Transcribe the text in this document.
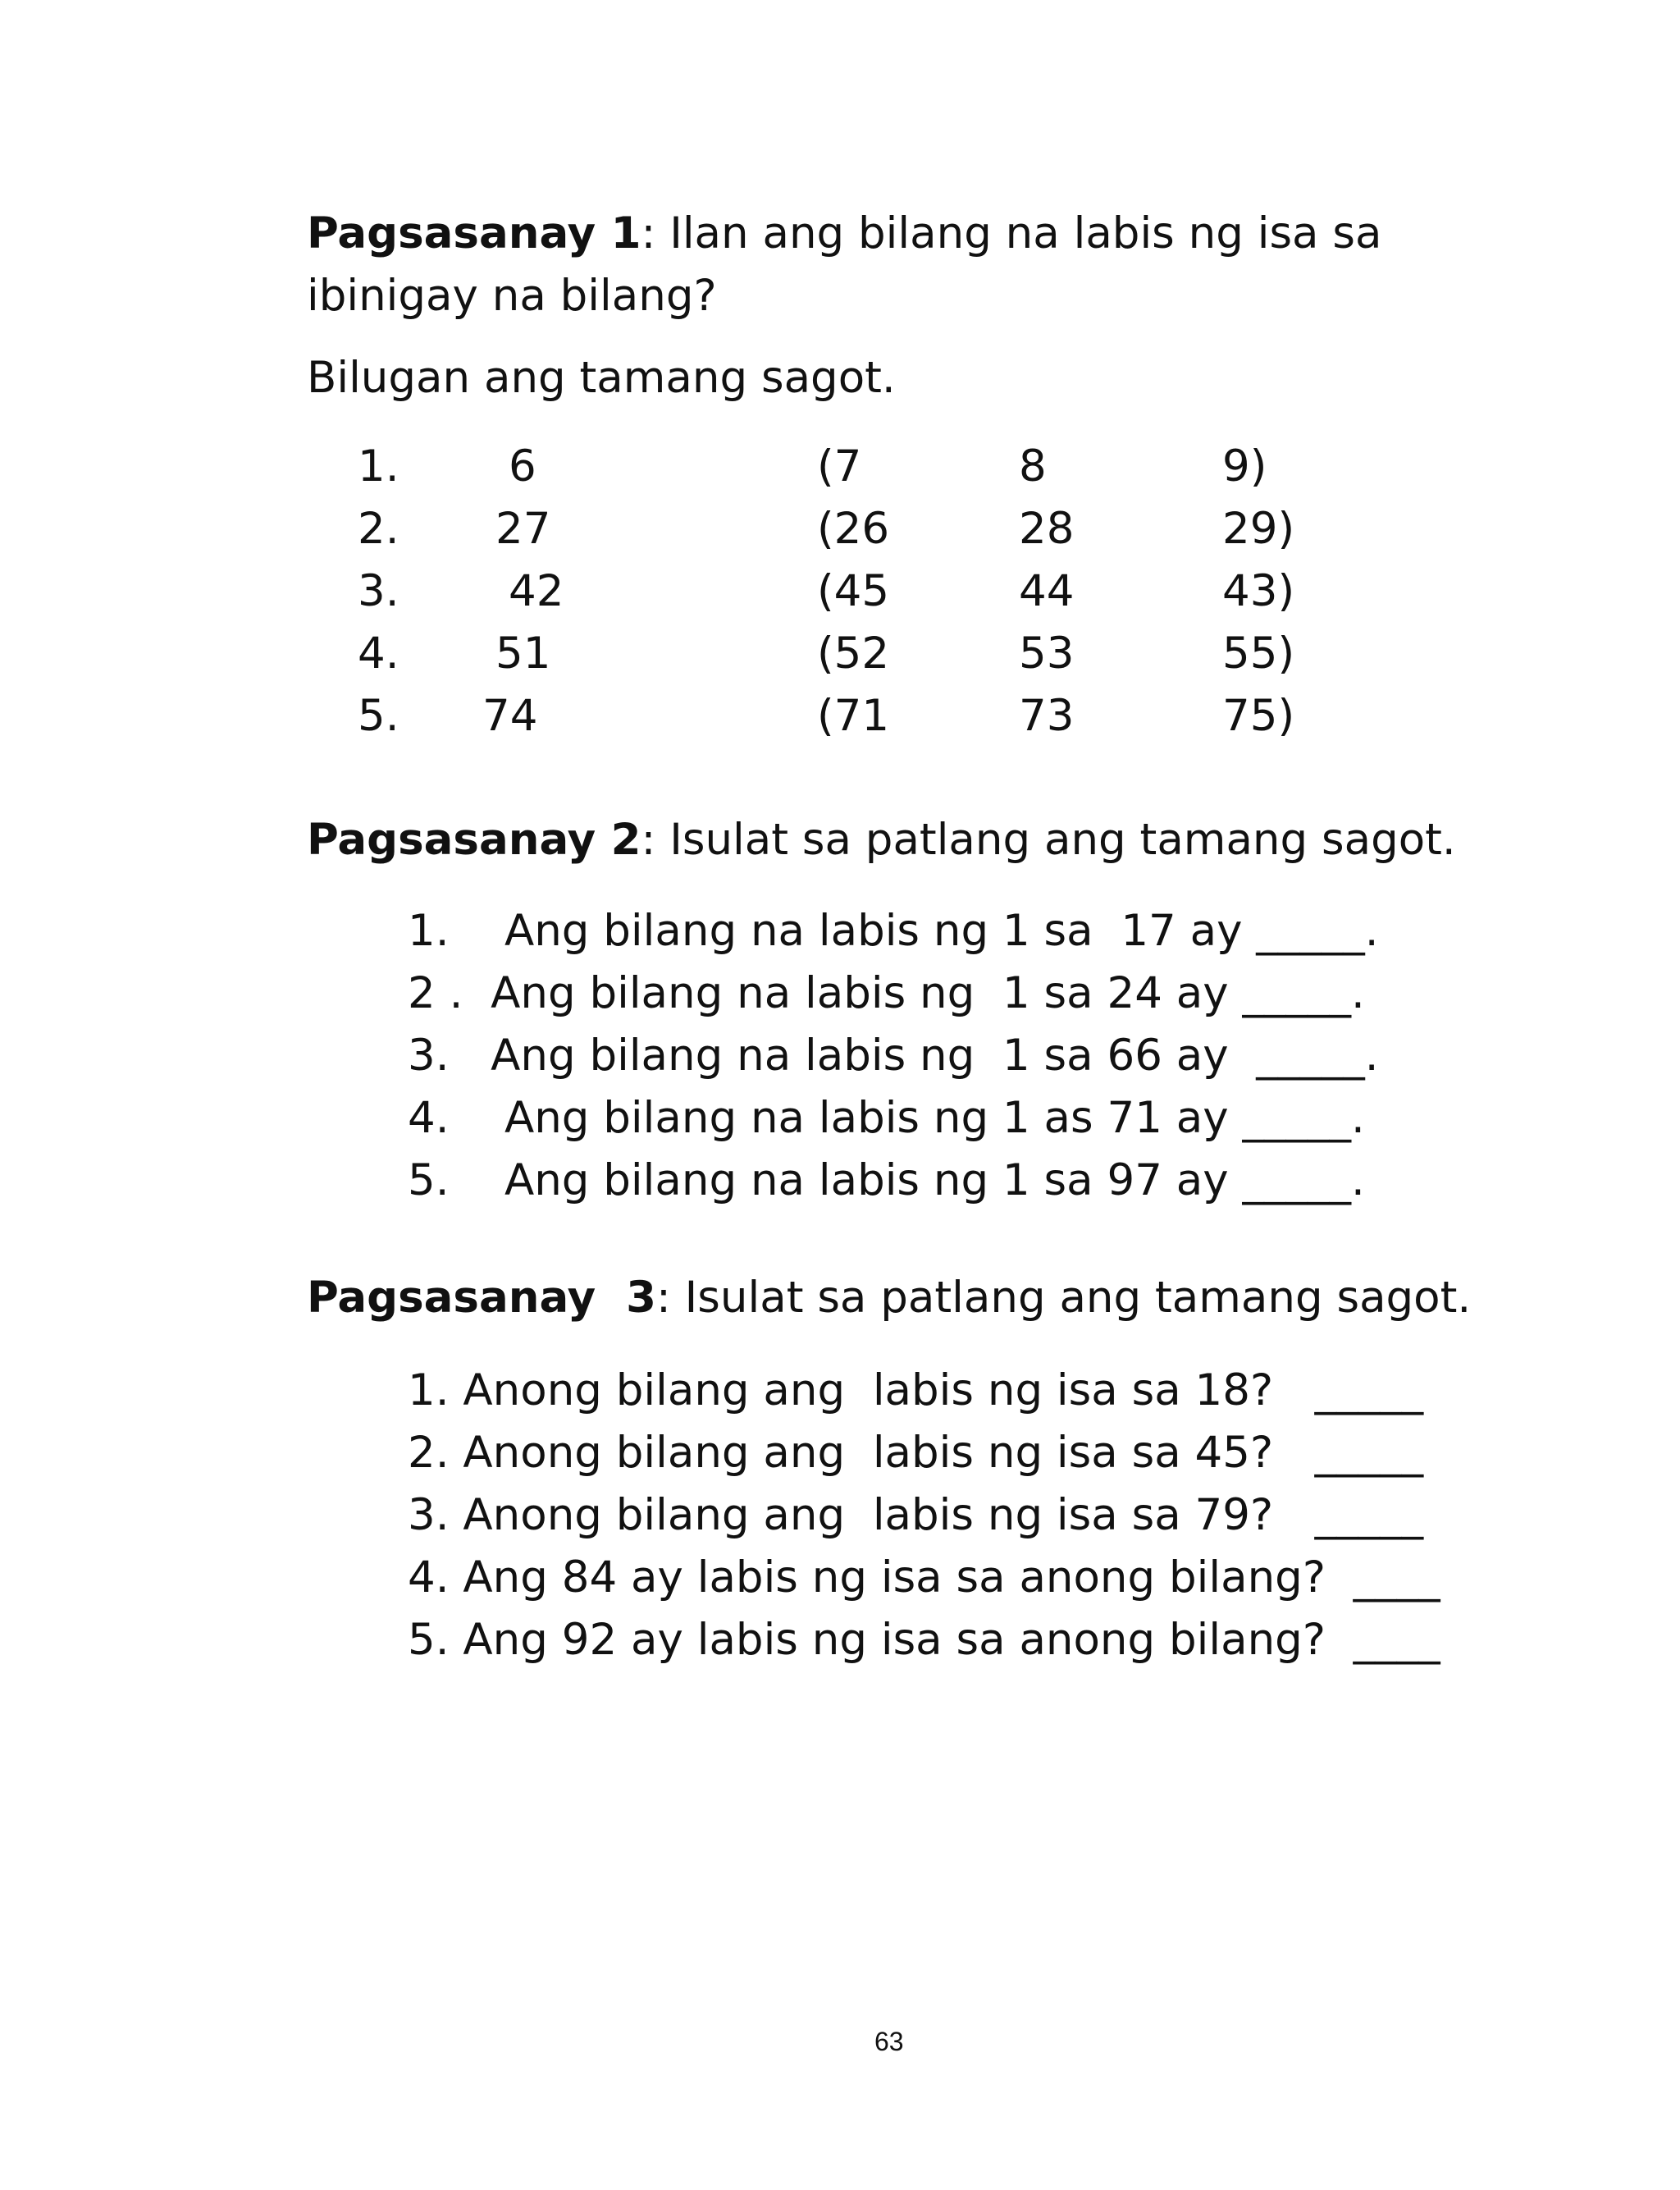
Pagsasanay 1: Ilan ang bilang na labis ng isa sa
ibinigay na bilang?
Bilugan ang tamang sagot.
1.	6	(7	8	9)
2. 27	(26	28	29)
3.	42	(45	44	43)
4. 51	(52	53	55)
5. 74	(71	73	75)
Pagsasanay 2: Isulat sa patlang ang tamang sagot.
1.    Ang bilang na labis ng 1 sa  17 ay _____.
2 .  Ang bilang na labis ng  1 sa 24 ay _____.
3.   Ang bilang na labis ng  1 sa 66 ay  _____.
4.    Ang bilang na labis ng 1 as 71 ay _____.
5.    Ang bilang na labis ng 1 sa 97 ay _____.
Pagsasanay  3: Isulat sa patlang ang tamang sagot.
1. Anong bilang ang  labis ng isa sa 18?   _____
2. Anong bilang ang  labis ng isa sa 45?   _____
3. Anong bilang ang  labis ng isa sa 79?   _____
4. Ang 84 ay labis ng isa sa anong bilang?  ____
5. Ang 92 ay labis ng isa sa anong bilang?  ____
63
